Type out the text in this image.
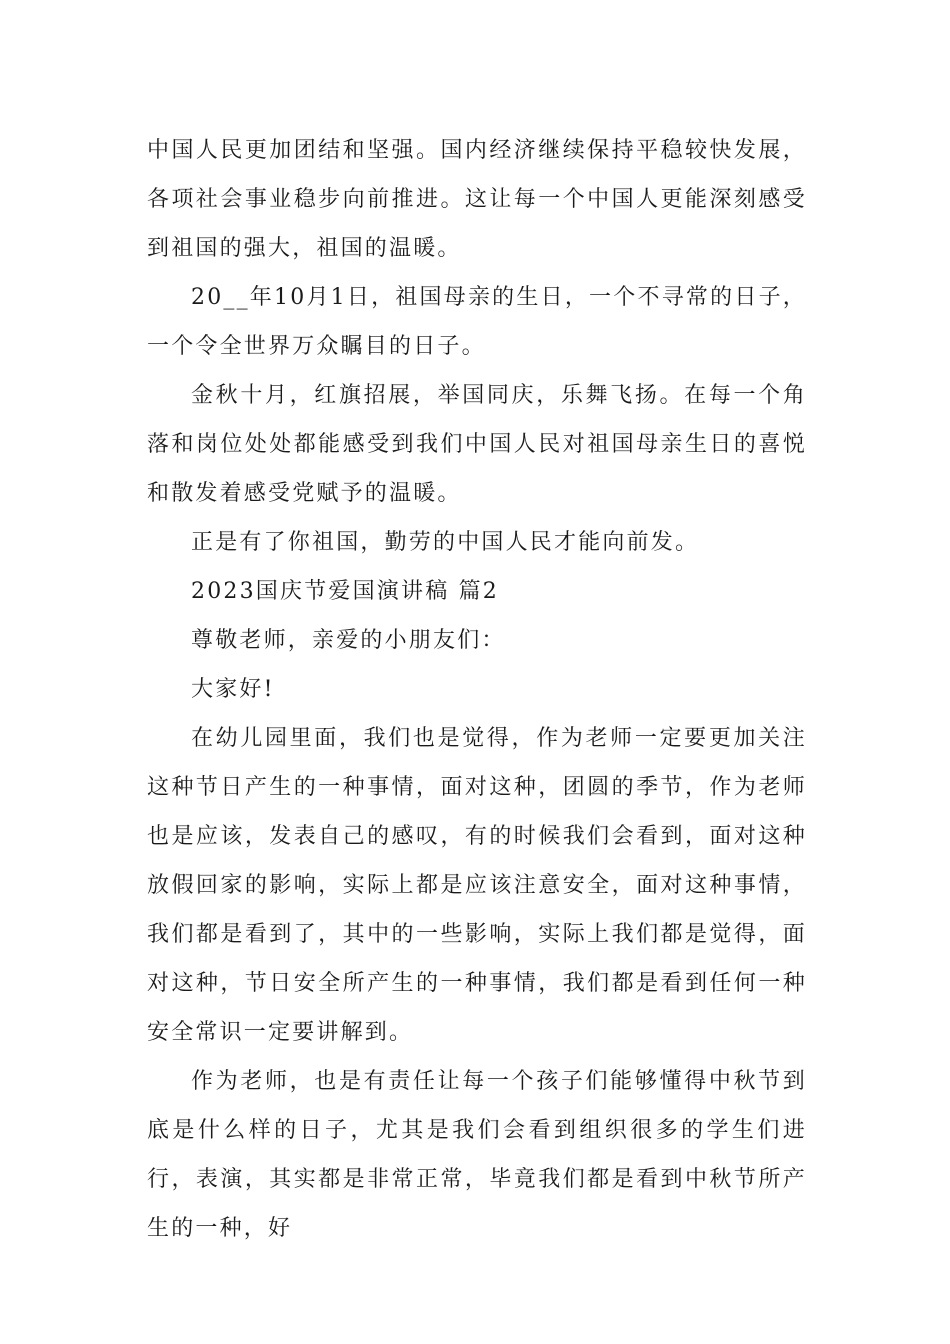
中国人民更加团结和坚强。国内经济继续保持平稳较快发展，各项社会事业稳步向前推进。这让每一个中国人更能深刻感受到祖国的强大，祖国的温暖。

20__年10月1日，祖国母亲的生日，一个不寻常的日子，一个令全世界万众瞩目的日子。

金秋十月，红旗招展，举国同庆，乐舞飞扬。在每一个角落和岗位处处都能感受到我们中国人民对祖国母亲生日的喜悦和散发着感受党赋予的温暖。

正是有了你祖国，勤劳的中国人民才能向前发。

2023国庆节爱国演讲稿 篇2

尊敬老师，亲爱的小朋友们：

大家好!

在幼儿园里面，我们也是觉得，作为老师一定要更加关注这种节日产生的一种事情，面对这种，团圆的季节，作为老师也是应该，发表自己的感叹，有的时候我们会看到，面对这种放假回家的影响，实际上都是应该注意安全，面对这种事情，我们都是看到了，其中的一些影响，实际上我们都是觉得，面对这种，节日安全所产生的一种事情，我们都是看到任何一种安全常识一定要讲解到。

作为老师，也是有责任让每一个孩子们能够懂得中秋节到底是什么样的日子，尤其是我们会看到组织很多的学生们进行，表演，其实都是非常正常，毕竟我们都是看到中秋节所产生的一种，好
